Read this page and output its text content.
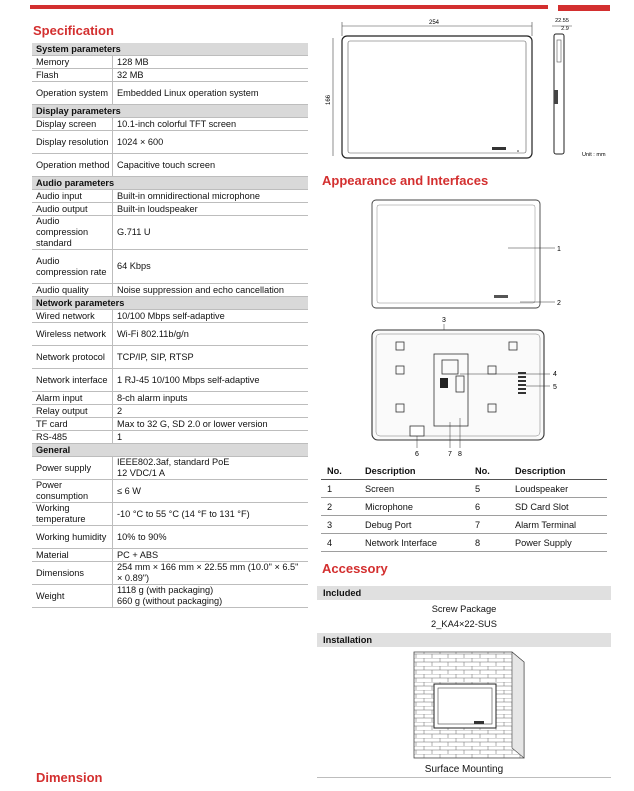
Specification
System parameters	
Memory	128 MB
Flash	32 MB
Operation system	Embedded Linux operation system
Display parameters	
Display screen	10.1-inch colorful TFT screen
Display resolution	1024 × 600
Operation method	Capacitive touch screen
Audio parameters	
Audio input	Built-in omnidirectional microphone
Audio output	Built-in loudspeaker
Audio compression standard	G.711 U
Audio compression rate	64 Kbps
Audio quality	Noise suppression and echo cancellation
Network parameters	
Wired network	10/100 Mbps self-adaptive
Wireless network	Wi-Fi 802.11b/g/n
Network protocol	TCP/IP, SIP, RTSP
Network interface	1 RJ-45 10/100 Mbps self-adaptive
Alarm input	8-ch alarm inputs
Relay output	2
TF card	Max to 32 G, SD 2.0 or lower version
RS-485	1
General	
Power supply	IEEE802.3af, standard PoE
12 VDC/1 A
Power consumption	≤ 6 W
Working temperature	-10 °C to 55 °C (14 °F to 131 °F)
Working humidity	10% to 90%
Material	PC + ABS
Dimensions	254 mm × 166 mm × 22.55 mm (10.0" × 6.5" × 0.89")
Weight	1118 g (with packaging)
660 g (without packaging)
254
166
22.55
2.9
Unit : mm
Appearance and Interfaces
1
2
3
4
5
6	7 8
No.	Description	No.	Description
1	Screen	5	Loudspeaker
2	Microphone	6	SD Card Slot
3	Debug Port	7	Alarm Terminal
4	Network Interface	8	Power Supply
Accessory
Included
Screw Package
2_KA4×22-SUS
Installation
Surface Mounting
Dimension
